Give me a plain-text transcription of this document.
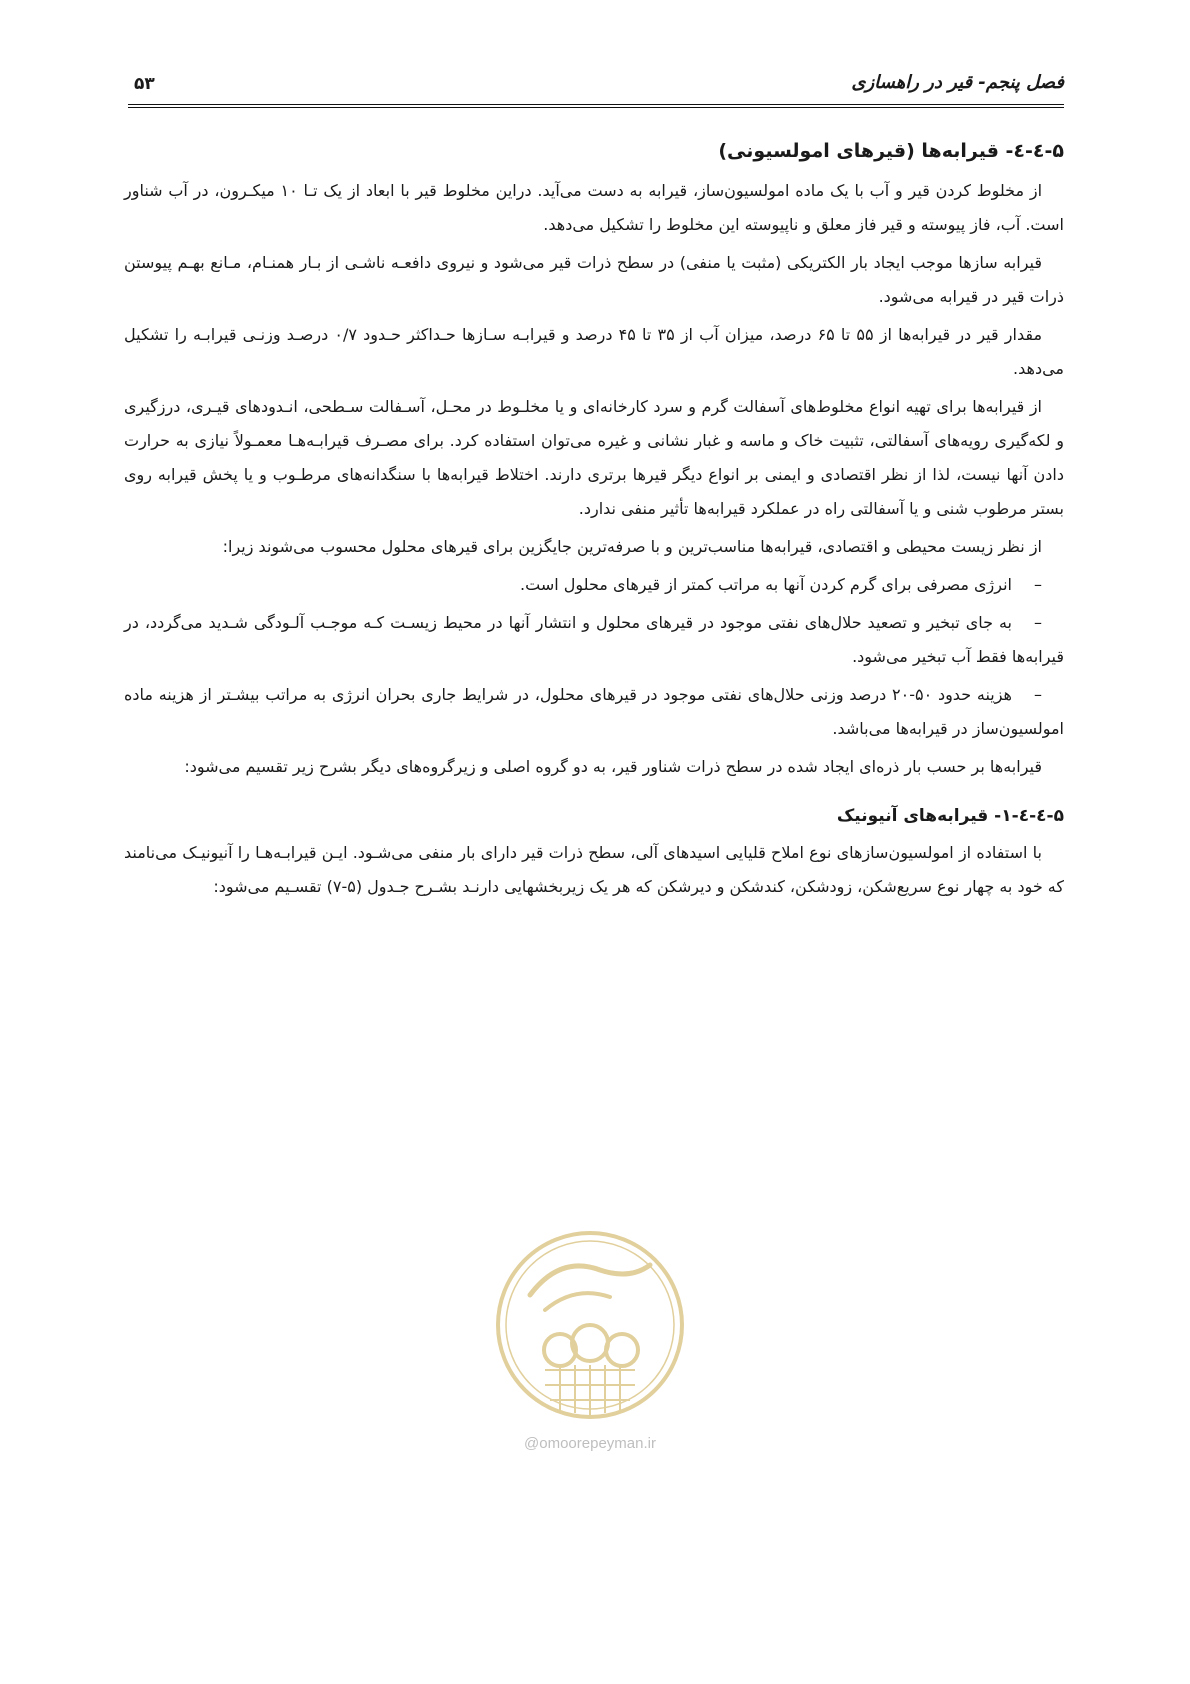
فصل پنجم- قیر در راهسازی
۵۳
۵-٤-٤- قیرابه‌ها (قیرهای امولسیونی)

از مخلوط کردن قیر و آب با یک ماده امولسیون‌ساز، قیرابه به دست می‌آید. دراین مخلوط قیر با ابعاد از یک تـا ۱۰ میکـرون، در آب شناور است. آب، فاز پیوسته و قیر فاز معلق و ناپیوسته این مخلوط را تشکیل می‌دهد.

قیرابه سازها موجب ایجاد بار الکتریکی (مثبت یا منفی) در سطح ذرات قیر می‌شود و نیروی دافعـه ناشـی از بـار همنـام، مـانع بهـم پیوستن ذرات قیر در قیرابه می‌شود.

مقدار قیر در قیرابه‌ها از ۵۵ تا ۶۵ درصد، میزان آب از ۳۵ تا ۴۵ درصد و قیرابـه سـازها حـداکثر حـدود ۰/۷ درصـد وزنـی قیرابـه را تشکیل می‌دهد.

از قیرابه‌ها برای تهیه انواع مخلوط‌های آسفالت گرم و سرد کارخانه‌ای و یا مخلـوط در محـل، آسـفالت سـطحی، انـدودهای قیـری، درزگیری و لکه‌گیری رویه‌های آسفالتی، تثبیت خاک و ماسه و غبار نشانی و غیره می‌توان استفاده کرد. برای مصـرف قیرابـه‌هـا معمـولاً نیازی به حرارت دادن آنها نیست، لذا از نظر اقتصادی و ایمنی بر انواع دیگر قیرها برتری دارند. اختلاط قیرابه‌ها با سنگدانه‌های مرطـوب و یا پخش قیرابه روی بستر مرطوب شنی و یا آسفالتی راه در عملکرد قیرابه‌ها تأثیر منفی ندارد.

از نظر زیست محیطی و اقتصادی، قیرابه‌ها مناسب‌ترین و با صرفه‌ترین جایگزین برای قیرهای محلول محسوب می‌شوند زیرا:

–انرژی مصرفی برای گرم کردن آنها به مراتب کمتر از قیرهای محلول است.

–به جای تبخیر و تصعید حلال‌های نفتی موجود در قیرهای محلول و انتشار آنها در محیط زیسـت کـه موجـب آلـودگی شـدید می‌گردد، در قیرابه‌ها فقط آب تبخیر می‌شود.

–هزینه حدود ۵۰-۲۰ درصد وزنی حلال‌های نفتی موجود در قیرهای محلول، در شرایط جاری بحران انرژی به مراتب بیشـتر از هزینه ماده امولسیون‌ساز در قیرابه‌ها می‌باشد.

قیرابه‌ها بر حسب بار ذره‌ای ایجاد شده در سطح ذرات شناور قیر، به دو گروه اصلی و زیرگروه‌های دیگر بشرح زیر تقسیم می‌شود:

۵-٤-٤-۱- قیرابه‌های آنیونیک

با استفاده از امولسیون‌سازهای نوع املاح قلیایی اسیدهای آلی، سطح ذرات قیر دارای بار منفی می‌شـود. ایـن قیرابـه‌هـا را آنیونیـک می‌نامند که خود به چهار نوع سریع‌شکن، زودشکن، کندشکن و دیرشکن که هر یک زیربخشهایی دارنـد بشـرح جـدول (۵-۷) تقسـیم می‌شود:

@omoorepeyman.ir
